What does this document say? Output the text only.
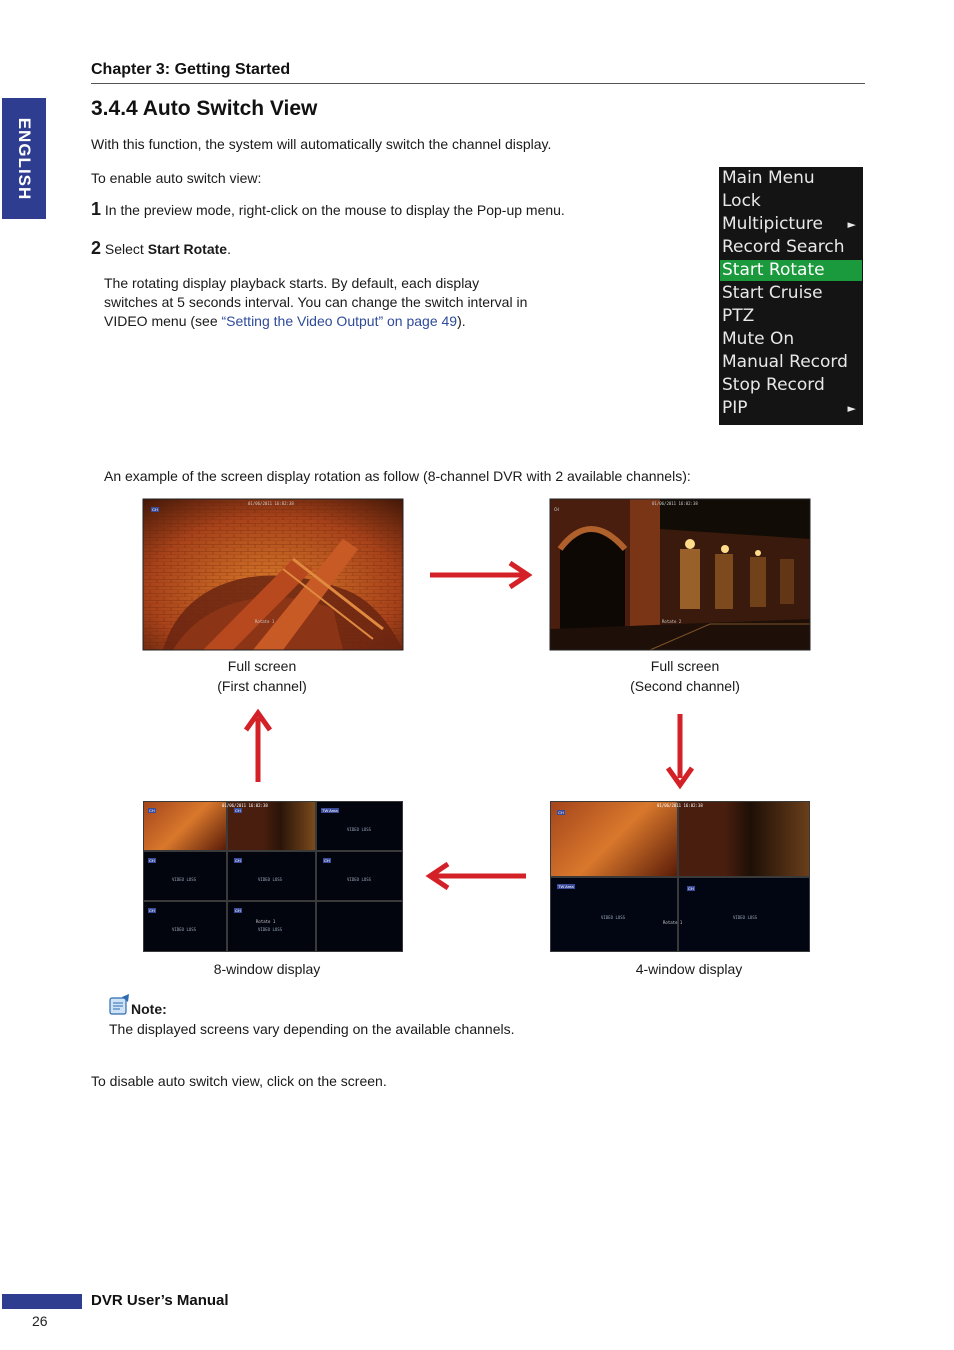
ENGLISH
Chapter 3: Getting Started
3.4.4 Auto Switch View
With this function, the system will automatically switch the channel display.
To enable auto switch view:
1 In the preview mode, right-click on the mouse to display the Pop-up menu.
2 Select Start Rotate.
The rotating display playback starts. By default, each display
switches at 5 seconds interval. You can change the switch interval in
VIDEO menu (see “Setting the Video Output” on page 49).
Main Menu
Lock
Multipicture ►
Record Search
Start Rotate
Start Cruise
PTZ
Mute On
Manual Record
Stop Record
PIP	►
An example of the screen display rotation as follow (8-channel DVR with 2 available channels):
CH
01/06/2011 16:02:38
Rotate 1
CH
01/06/2011 16:02:38
Rotate 2
Full screen
(First channel)
Full screen
(Second channel)
CH	CH
01/06/2011 16:02:38
TW Area
VIDEO LOSS
CH
VIDEO LOSS
CH
VIDEO LOSS
CH
VIDEO LOSS
CH
VIDEO LOSS
CH
Rotate 1
VIDEO LOSS
CH
01/06/2011 16:02:38
TW Area
VIDEO LOSS
CH
Rotate 1
VIDEO LOSS
8-window display	4-window display
Note:
The displayed screens vary depending on the available channels.
To disable auto switch view, click on the screen.
DVR User’s Manual
26
